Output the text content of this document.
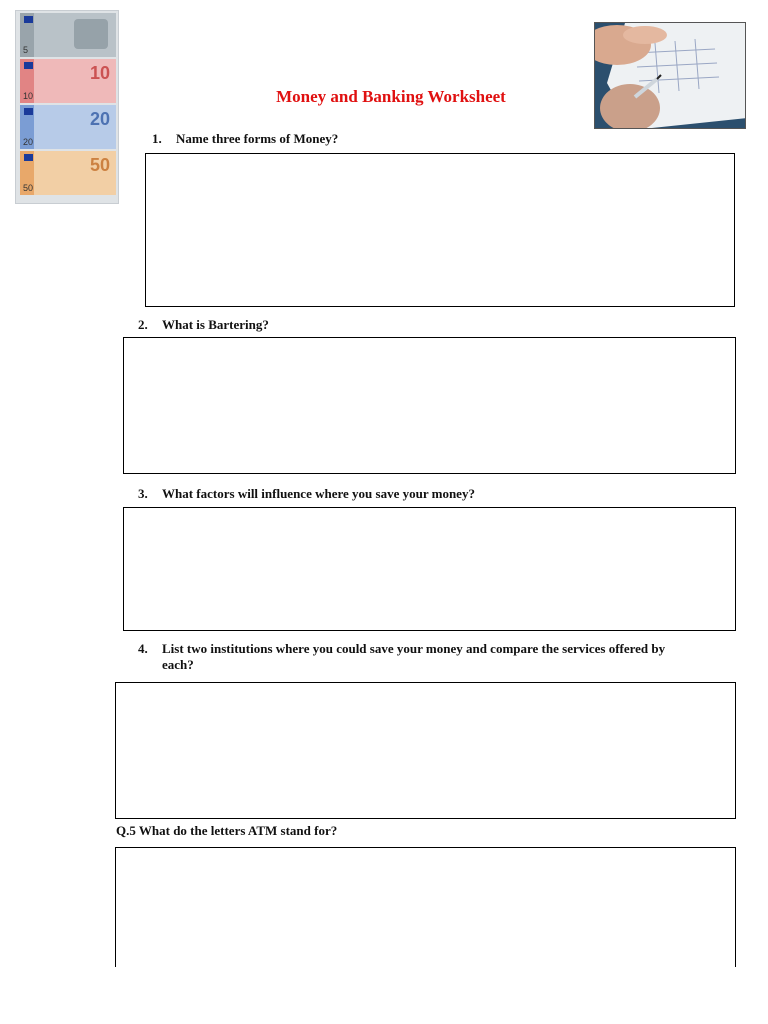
5
10
10
20
20
50
50
Money and Banking Worksheet
1. Name three forms of Money?
2. What is Bartering?
3. What factors will influence where you save your money?
4.	List two institutions where you could save your money and compare the services offered by each?
Q.5 What do the letters ATM stand for?
